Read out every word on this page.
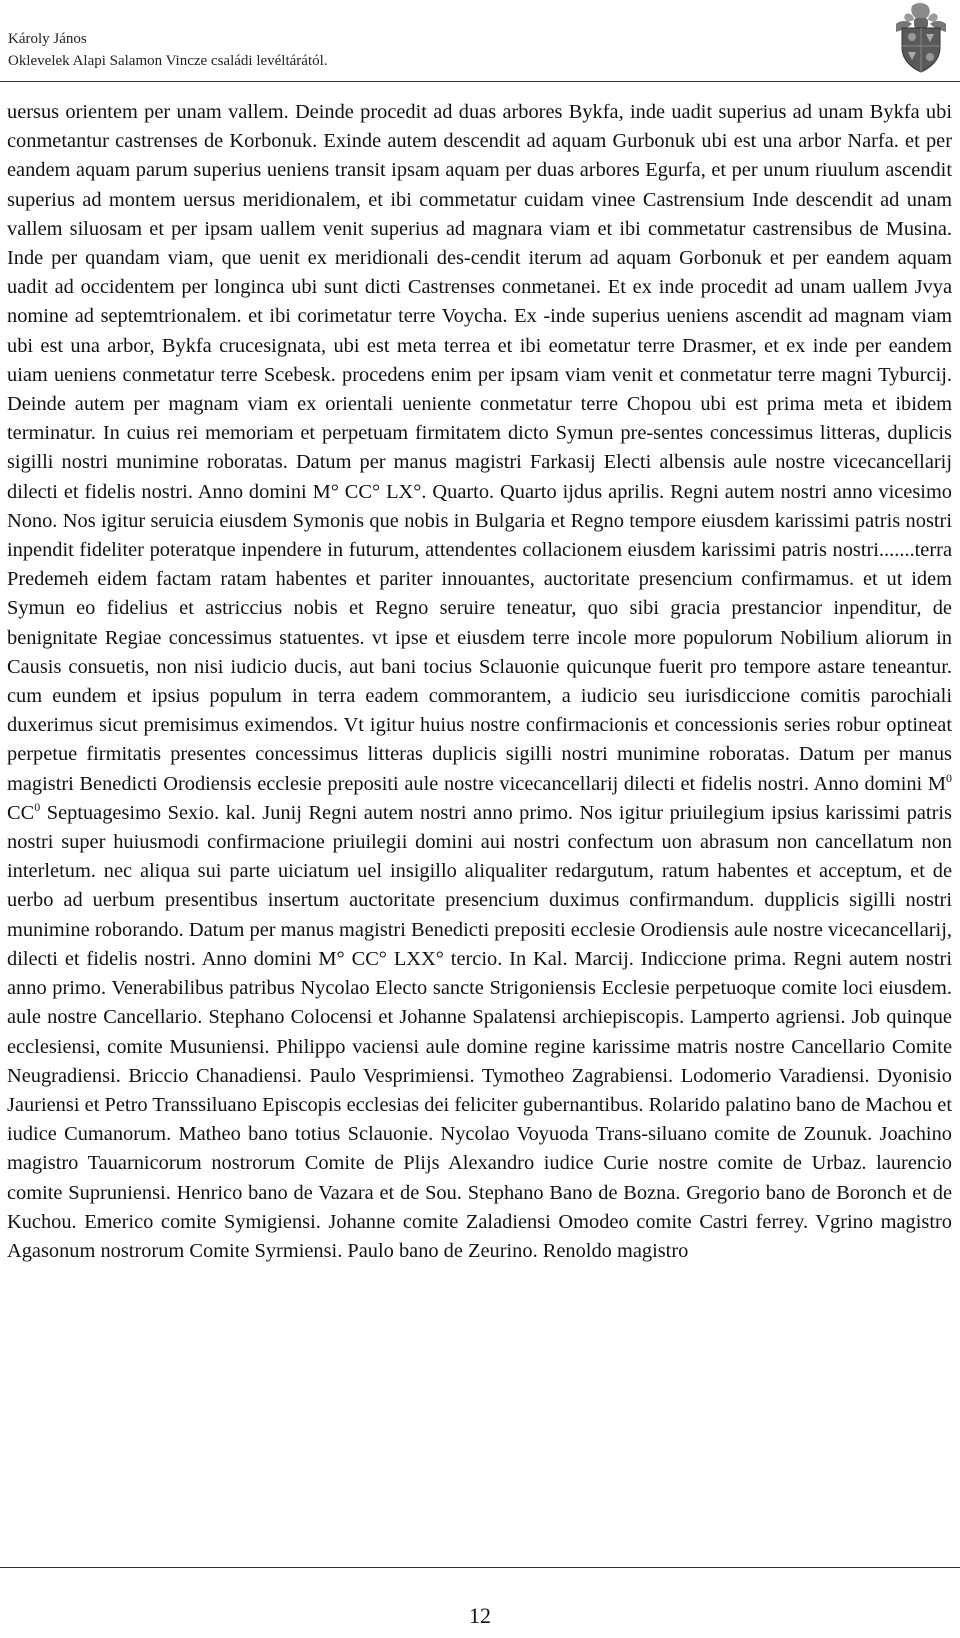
Károly János
Oklevelek Alapi Salamon Vincze családi levéltárától.

uersus orientem per unam vallem. Deinde procedit ad duas arbores Bykfa, inde uadit superius ad unam Bykfa ubi conmetantur castrenses de Korbonuk. Exinde autem descendit ad aquam Gurbonuk ubi est una arbor Narfa. et per eandem aquam parum superius ueniens transit ipsam aquam per duas arbores Egurfa, et per unum riuulum ascendit superius ad montem uersus meridionalem, et ibi commetatur cuidam vinee Castrensium Inde descendit ad unam vallem siluosam et per ipsam uallem venit superius ad magnara viam et ibi commetatur castrensibus de Musina. Inde per quandam viam, que uenit ex meridionali des-cendit iterum ad aquam Gorbonuk et per eandem aquam uadit ad occidentem per longinca ubi sunt dicti Castrenses conmetanei. Et ex inde procedit ad unam uallem Jvya nomine ad septemtrionalem. et ibi corimetatur terre Voycha. Ex -inde superius ueniens ascendit ad magnam viam ubi est una arbor, Bykfa crucesignata, ubi est meta terrea et ibi eometatur terre Drasmer, et ex inde per eandem uiam ueniens conmetatur terre Scebesk. procedens enim per ipsam viam venit et conmetatur terre magni Tyburcij. Deinde autem per magnam viam ex orientali ueniente conmetatur terre Chopou ubi est prima meta et ibidem terminatur. In cuius rei memoriam et perpetuam firmitatem dicto Symun pre-sentes concessimus litteras, duplicis sigilli nostri munimine roboratas. Datum per manus magistri Farkasij Electi albensis aule nostre vicecancellarij dilecti et fidelis nostri. Anno domini M° CC° LX°. Quarto. Quarto ijdus aprilis. Regni autem nostri anno vicesimo Nono. Nos igitur seruicia eiusdem Symonis que nobis in Bulgaria et Regno tempore eiusdem karissimi patris nostri inpendit fideliter poteratque inpendere in futurum, attendentes collacionem eiusdem karissimi patris nostri.......terra Predemeh eidem factam ratam habentes et pariter innouantes, auctoritate presencium confirmamus. et ut idem Symun eo fidelius et astriccius nobis et Regno seruire teneatur, quo sibi gracia prestancior inpenditur, de benignitate Regiae concessimus statuentes. vt ipse et eiusdem terre incole more populorum Nobilium aliorum in Causis consuetis, non nisi iudicio ducis, aut bani tocius Sclauonie quicunque fuerit pro tempore astare teneantur. cum eundem et ipsius populum in terra eadem commorantem, a iudicio seu iurisdiccione comitis parochiali duxerimus sicut premisimus eximendos. Vt igitur huius nostre confirmacionis et concessionis series robur optineat perpetue firmitatis presentes concessimus litteras duplicis sigilli nostri munimine roboratas. Datum per manus magistri Benedicti Orodiensis ecclesie prepositi aule nostre vicecancellarij dilecti et fidelis nostri. Anno domini $M^0$ $CC^0$ Septuagesimo Sexio. kal. Junij Regni autem nostri anno primo. Nos igitur priuilegium ipsius karissimi patris nostri super huiusmodi confirmacione priuilegii domini aui nostri confectum uon abrasum non cancellatum non interletum. nec aliqua sui parte uiciatum uel insigillo aliqualiter redargutum, ratum habentes et acceptum, et de uerbo ad uerbum presentibus insertum auctoritate presencium duximus confirmandum. dupplicis sigilli nostri munimine roborando. Datum per manus magistri Benedicti prepositi ecclesie Orodiensis aule nostre vicecancellarij, dilecti et fidelis nostri. Anno domini M° CC° LXX° tercio. In Kal. Marcij. Indiccione prima. Regni autem nostri anno primo. Venerabilibus patribus Nycolao Electo sancte Strigoniensis Ecclesie perpetuoque comite loci eiusdem. aule nostre Cancellario. Stephano Colocensi et Johanne Spalatensi archiepiscopis. Lamperto agriensi. Job quinque ecclesiensi, comite Musuniensi. Philippo vaciensi aule domine regine karissime matris nostre Cancellario Comite Neugradiensi. Briccio Chanadiensi. Paulo Vesprimiensi. Tymotheo Zagrabiensi. Lodomerio Varadiensi. Dyonisio Jauriensi et Petro Transsiluano Episcopis ecclesias dei feliciter gubernantibus. Rolarido palatino bano de Machou et iudice Cumanorum. Matheo bano totius Sclauonie. Nycolao Voyuoda Trans-siluano comite de Zounuk. Joachino magistro Tauarnicorum nostrorum Comite de Plijs Alexandro iudice Curie nostre comite de Urbaz. laurencio comite Supruniensi. Henrico bano de Vazara et de Sou. Stephano Bano de Bozna. Gregorio bano de Boronch et de Kuchou. Emerico comite Symigiensi. Johanne comite Zaladiensi Omodeo comite Castri ferrey. Vgrino magistro Agasonum nostrorum Comite Syrmiensi. Paulo bano de Zeurino. Renoldo magistro

12
